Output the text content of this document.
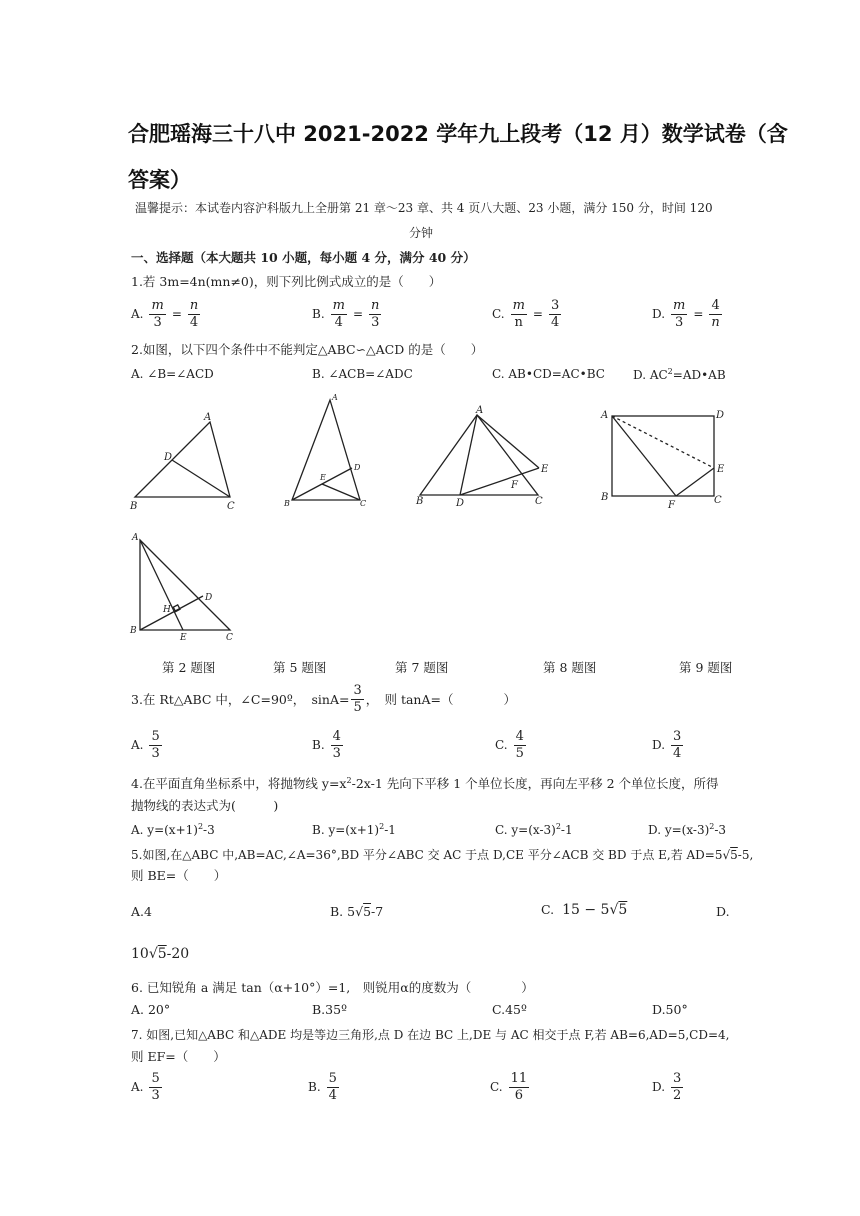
合肥瑶海三十八中 2021-2022 学年九上段考（12 月）数学试卷（含
答案）
温馨提示：本试卷内容沪科版九上全册第 21 章～23 章、共 4 页八大题、23 小题，满分 150 分，时间 120
分钟
一、选择题（本大题共 10 小题，每小题 4 分，满分 40 分）
1.若 3m=4n(mn≠0)，则下列比例式成立的是（　　）
A. $\frac{m}{3} = \frac{n}{4}$	B. $\frac{m}{4} = \frac{n}{3}$	C. $\frac{m}{n} = \frac{3}{4}$	D. $\frac{m}{3} = \frac{4}{n}$
2.如图，以下四个条件中不能判定△ABC∽△ACD 的是（　　）
A. ∠B=∠ACD	B. ∠ACB=∠ADC	C. AB•CD=AC•BC D. $AC^2=AD•AB$
A
B	C
D
A
B	C
D
E
A
B	C
D
E
F
A
B	C
D
E
F
A
B
C
D
E
H
第 2 题图	第 5 题图	第 7 题图	第 8 题图	第 9 题图
3.在 Rt△ABC 中，∠C=90º，　$\sin A= \frac{3}{5}$ ，　则 tanA=（　　　　）
A. $\frac{5}{3}$	B. $\frac{4}{3}$	C. $\frac{4}{5}$	D. $\frac{3}{4}$
4.在平面直角坐标系中，将抛物线 $y=x^2-2x-1$ 先向下平移 1 个单位长度，再向左平移 2 个单位长度，所得
抛物线的表达式为(　　　)
A. $y=(x+1)^2-3$	B. $y=(x+1)^2-1$	C. $y=(x-3)^2-1$	D. $y=(x-3)^2-3$
5.如图,在△ABC 中,AB=AC,∠A=36°,BD 平分∠ABC 交 AC 于点 D,CE 平分∠ACB 交 BD 于点 E,若 AD=5√5-5,
则 BE=（　　）
A.4	B. 5√5-7	C. 15 − 5√5	D.
10√5-20
6. 已知锐角 a 满足 tan（α+10°）=1,　则锐用α的度数为（　　　　）
A. 20°	B.35º	C.45º	D.50°
7. 如图,已知△ABC 和△ADE 均是等边三角形,点 D 在边 BC 上,DE 与 AC 相交于点 F,若 AB=6,AD=5,CD=4,
则 EF=（　　）
A. $\frac{5}{3}$	B. $\frac{5}{4}$	C. $\frac{11}{6}$	D. $\frac{3}{2}$
